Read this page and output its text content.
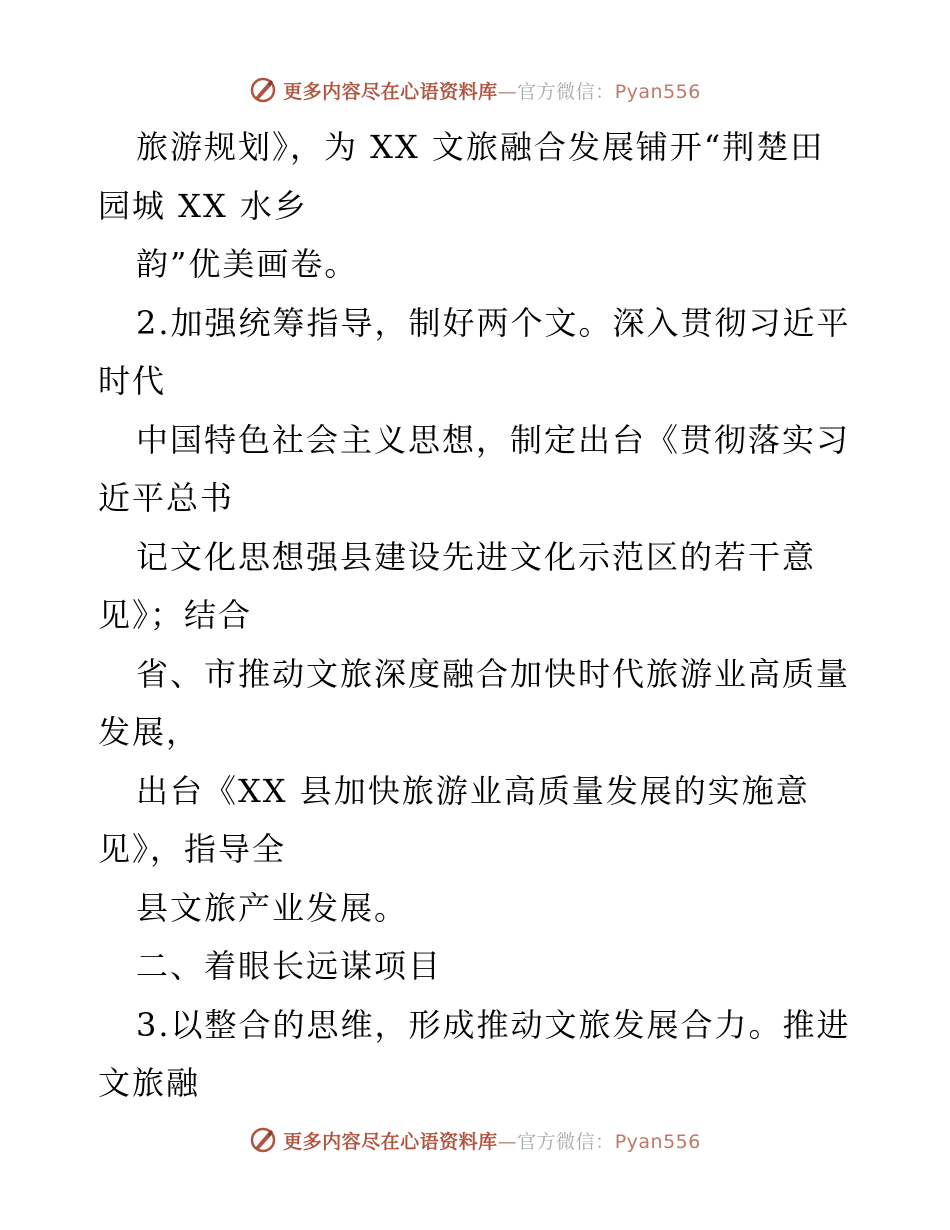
更多内容尽在心语资料库—官方微信：Pyan556
旅游规划》，为 XX 文旅融合发展铺开“荆楚田
园城 XX 水乡
韵”优美画卷。
2.加强统筹指导，制好两个文。深入贯彻习近平
时代
中国特色社会主义思想，制定出台《贯彻落实习
近平总书
记文化思想强县建设先进文化示范区的若干意
见》；结合
省、市推动文旅深度融合加快时代旅游业高质量
发展，
出台《XX 县加快旅游业高质量发展的实施意
见》，指导全
县文旅产业发展。
二、着眼长远谋项目
3.以整合的思维，形成推动文旅发展合力。推进
文旅融
更多内容尽在心语资料库—官方微信：Pyan556
